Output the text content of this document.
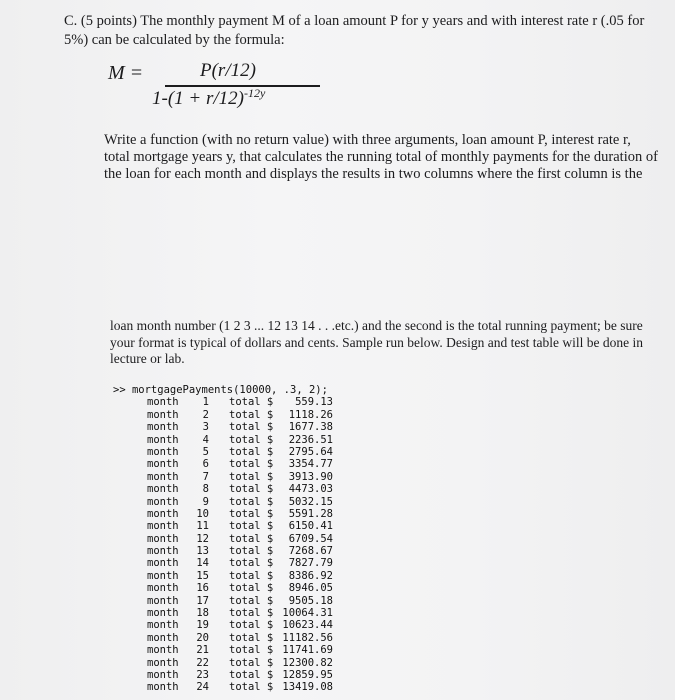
C. (5 points) The monthly payment M of a loan amount P for y years and with interest rate r (.05 for 5%) can be calculated by the formula:
M =	P(r/12)
$1-(1 + r/12)^{-12y}$
Write a function (with no return value) with three arguments, loan amount P, interest rate r, total mortgage years y, that calculates the running total of monthly payments for the duration of the loan for each month and displays the results in two columns where the first column is the
loan month number (1 2 3 ... 12 13 14 . . .etc.) and the second is the total running payment; be sure your format is typical of dollars and cents. Sample run below. Design and test table will be done in lecture or lab.
>> mortgagePayments(10000, .3, 2);
month	1 total $	559.13
month	2 total $	1118.26
month	3 total $	1677.38
month	4 total $	2236.51
month	5 total $	2795.64
month	6 total $	3354.77
month	7 total $	3913.90
month	8 total $	4473.03
month	9 total $	5032.15
month	10 total $	5591.28
month	11 total $	6150.41
month	12 total $	6709.54
month	13 total $	7268.67
month	14 total $	7827.79
month	15 total $	8386.92
month	16 total $	8946.05
month	17 total $	9505.18
month	18 total $ 10064.31
month	19 total $ 10623.44
month	20 total $ 11182.56
month	21 total $ 11741.69
month	22 total $ 12300.82
month	23 total $ 12859.95
month	24 total $ 13419.08
